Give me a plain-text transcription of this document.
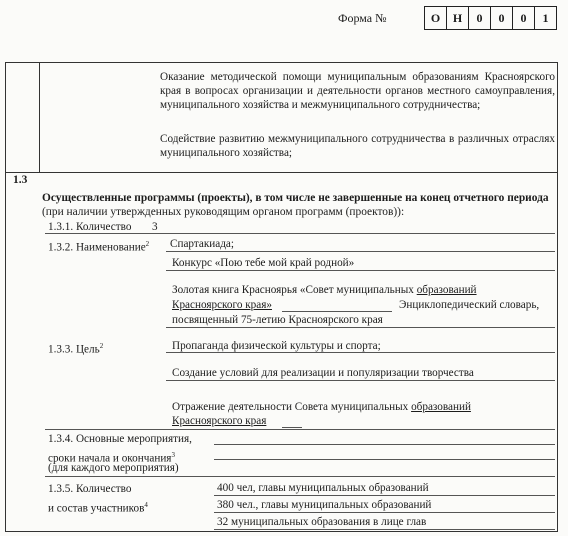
Форма №	О	Н	0	0	0	1
Оказание методической помощи муниципальным образованиям Красноярского края в вопросах организации и деятельности органов местного самоуправления, муниципального хозяйства и межмуниципального сотрудничества;
Содействие развитию межмуниципального сотрудничества в различных отраслях муниципального хозяйства;
1.3
Осуществленные программы (проекты), в том числе не завершенные на конец отчетного периода (при наличии утвержденных руководящим органом программ (проектов)):
1.3.1. Количество 3
1.3.2. Наименование$^2$ Спартакиада;
Конкурс «Пою тебе мой край родной»
Золотая книга Красноярья «Совет муниципальных образований
Красноярского края»	Энциклопедический словарь,
посвященный 75-летию Красноярского края
1.3.3. Цель$^2$	Пропаганда физической культуры и спорта;
Создание условий для реализации и популяризации творчества
Отражение деятельности Совета муниципальных образований
Красноярского края
1.3.4. Основные мероприятия,
сроки начала и окончания$^3$
(для каждого мероприятия)
1.3.5. Количество
и состав участников$^4$
400 чел, главы муниципальных образований
380 чел., главы муниципальных образований
32 муниципальных образования в лице глав
